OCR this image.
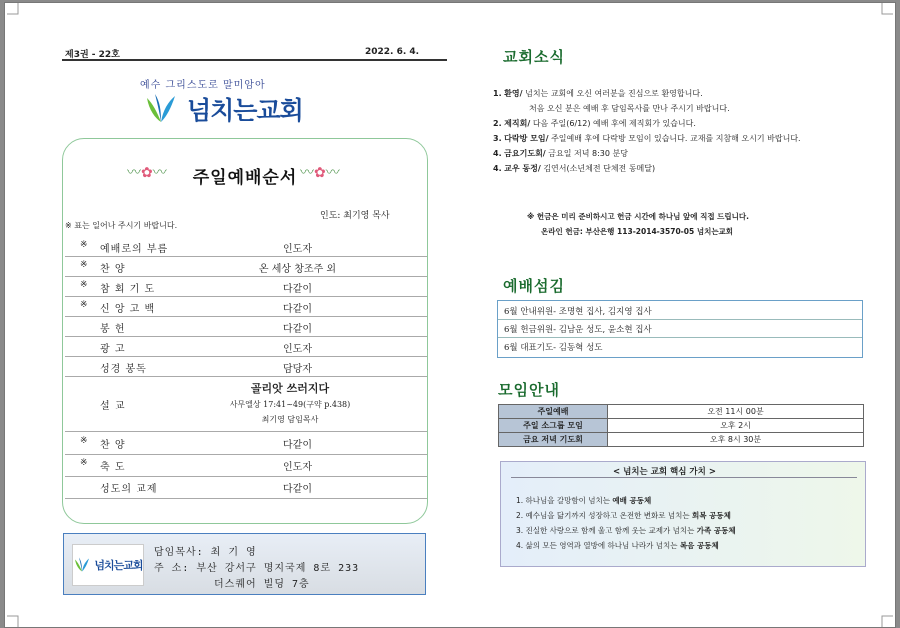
제3권 - 22호	2022. 6. 4.
예수 그리스도로 말미암아
넘치는교회
〰✿〰	주일예배순서 〰✿〰
인도: 최기영 목사
※ 표는 일어나 주시기 바랍니다.
※ 예배로의 부름	인도자
※ 찬 양	온 세상 창조주 외
※ 참 회 기 도	다같이
※ 신 앙 고 백	다같이
봉 헌	다같이
광 고	인도자
성경 봉독	담당자
설 교
골리앗 쓰러지다
사무엘상 17:41~49(구약 p.438)
최기영 담임목사
※ 찬 양	다같이
※ 축 도	인도자
성도의 교제	다같이
넘치는교회
담임목사: 최 기 영
주 소: 부산 강서구 명지국제 8로 233
더스퀘어 빌딩 7층
교회소식
1. 환영/ 넘치는 교회에 오신 여러분을 진심으로 환영합니다.
처음 오신 분은 예배 후 담임목사를 만나 주시기 바랍니다.
2. 제직회/ 다음 주일(6/12) 예배 후에 제직회가 있습니다.
3. 다락방 모임/ 주일예배 후에 다락방 모임이 있습니다. 교재를 지참해 오시기 바랍니다.
4. 금요기도회/ 금요일 저녁 8:30 분당
4. 교우 동정/ 김연서(소년체전 단체전 동메달)
※ 헌금은 미리 준비하시고 헌금 시간에 하나님 앞에 직접 드립니다.
온라인 헌금: 부산은행 113-2014-3570-05 넘치는교회
예배섬김
6월 안내위원- 조명현 집사, 김지영 집사
6월 헌금위원- 김남운 성도, 윤소현 집사
6월 대표기도- 김동혁 성도
모임안내
주일예배	오전 11시 00분
주일 소그룹 모임	오후 2시
금요 저녁 기도회	오후 8시 30분
< 넘치는 교회 핵심 가치 >
1. 하나님을 갈망함이 넘치는 예배 공동체
2. 예수님을 닮기까지 성장하고 온전한 변화로 넘치는 회복 공동체
3. 진실한 사랑으로 함께 울고 함께 웃는 교제가 넘치는 가족 공동체
4. 삶의 모든 영역과 열방에 하나님 나라가 넘치는 복음 공동체
